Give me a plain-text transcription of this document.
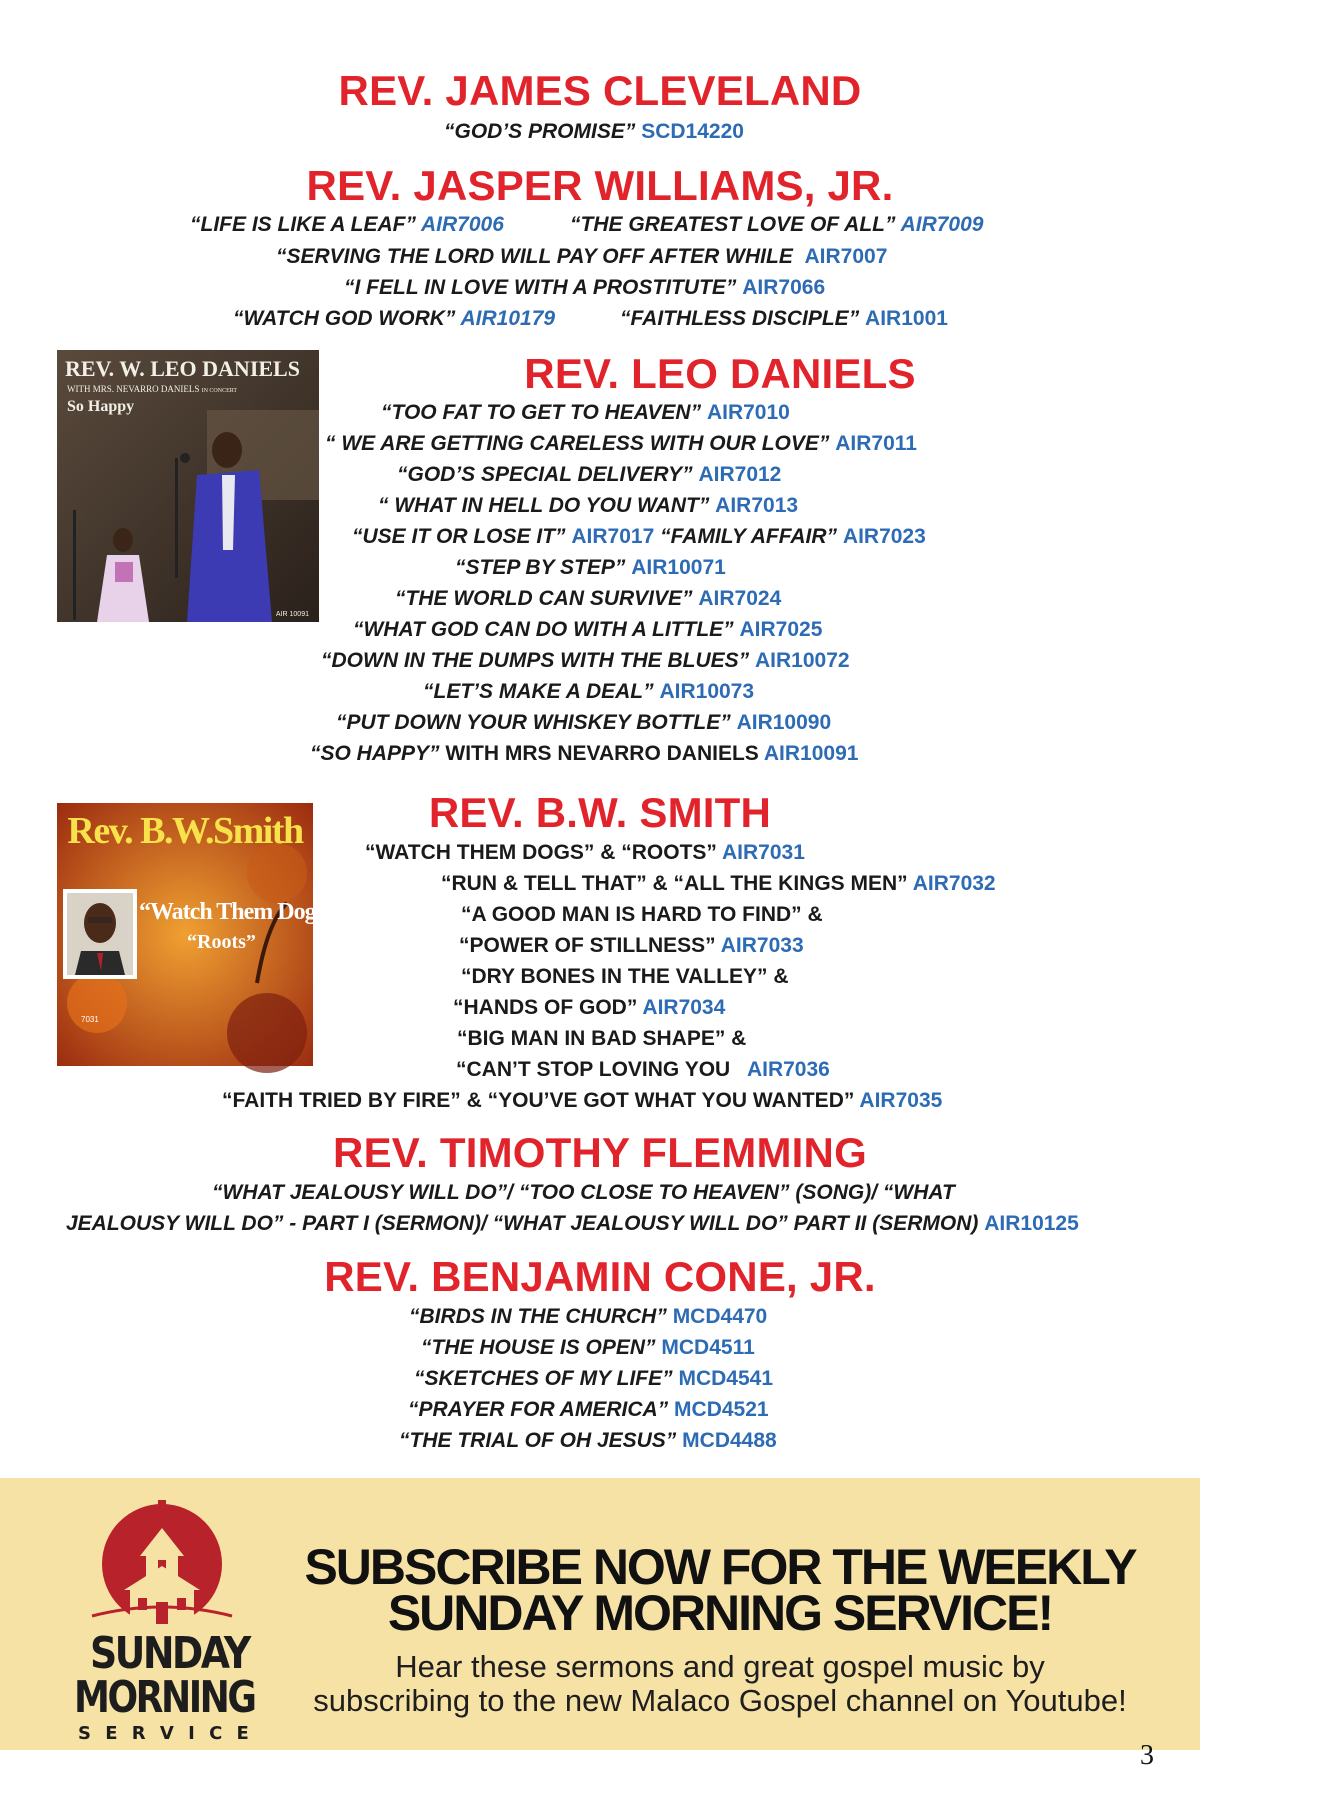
REV. JAMES CLEVELAND
“GOD’S PROMISE” SCD14220
REV. JASPER WILLIAMS, JR.
“LIFE IS LIKE A LEAF” AIR7006	“THE GREATEST LOVE OF ALL” AIR7009
“SERVING THE LORD WILL PAY OFF AFTER WHILE AIR7007
“I FELL IN LOVE WITH A PROSTITUTE” AIR7066
“WATCH GOD WORK” AIR10179	“FAITHLESS DISCIPLE” AIR1001
REV. W. LEO DANIELS
WITH MRS. NEVARRO DANIELS IN CONCERT
So Happy
AIR 10091
REV. LEO DANIELS
“TOO FAT TO GET TO HEAVEN” AIR7010
“ WE ARE GETTING CARELESS WITH OUR LOVE” AIR7011
“GOD’S SPECIAL DELIVERY” AIR7012
“ WHAT IN HELL DO YOU WANT” AIR7013
“USE IT OR LOSE IT” AIR7017 “FAMILY AFFAIR” AIR7023
“STEP BY STEP” AIR10071
“THE WORLD CAN SURVIVE” AIR7024
“WHAT GOD CAN DO WITH A LITTLE” AIR7025
“DOWN IN THE DUMPS WITH THE BLUES” AIR10072
“LET’S MAKE A DEAL” AIR10073
“PUT DOWN YOUR WHISKEY BOTTLE” AIR10090
“SO HAPPY” WITH MRS NEVARRO DANIELS AIR10091
Rev. B.W.Smith
“Watch Them Dogs”
“Roots”
7031
REV. B.W. SMITH
“WATCH THEM DOGS” & “ROOTS” AIR7031
“RUN & TELL THAT” & “ALL THE KINGS MEN” AIR7032
“A GOOD MAN IS HARD TO FIND” &
“POWER OF STILLNESS” AIR7033
“DRY BONES IN THE VALLEY” &
“HANDS OF GOD” AIR7034
“BIG MAN IN BAD SHAPE” &
“CAN’T STOP LOVING YOU AIR7036
“FAITH TRIED BY FIRE” & “YOU’VE GOT WHAT YOU WANTED” AIR7035
REV. TIMOTHY FLEMMING
“WHAT JEALOUSY WILL DO”/ “TOO CLOSE TO HEAVEN” (SONG)/ “WHAT
JEALOUSY WILL DO” - PART I (SERMON)/ “WHAT JEALOUSY WILL DO” PART II (SERMON) AIR10125
REV. BENJAMIN CONE, JR.
“BIRDS IN THE CHURCH” MCD4470
“THE HOUSE IS OPEN” MCD4511
“SKETCHES OF MY LIFE” MCD4541
“PRAYER FOR AMERICA” MCD4521
“THE TRIAL OF OH JESUS” MCD4488
SUNDAY
MORNING
S E R V I C E
SUBSCRIBE NOW FOR THE WEEKLY
SUNDAY MORNING SERVICE!
Hear these sermons and great gospel music by
subscribing to the new Malaco Gospel channel on Youtube!
3
